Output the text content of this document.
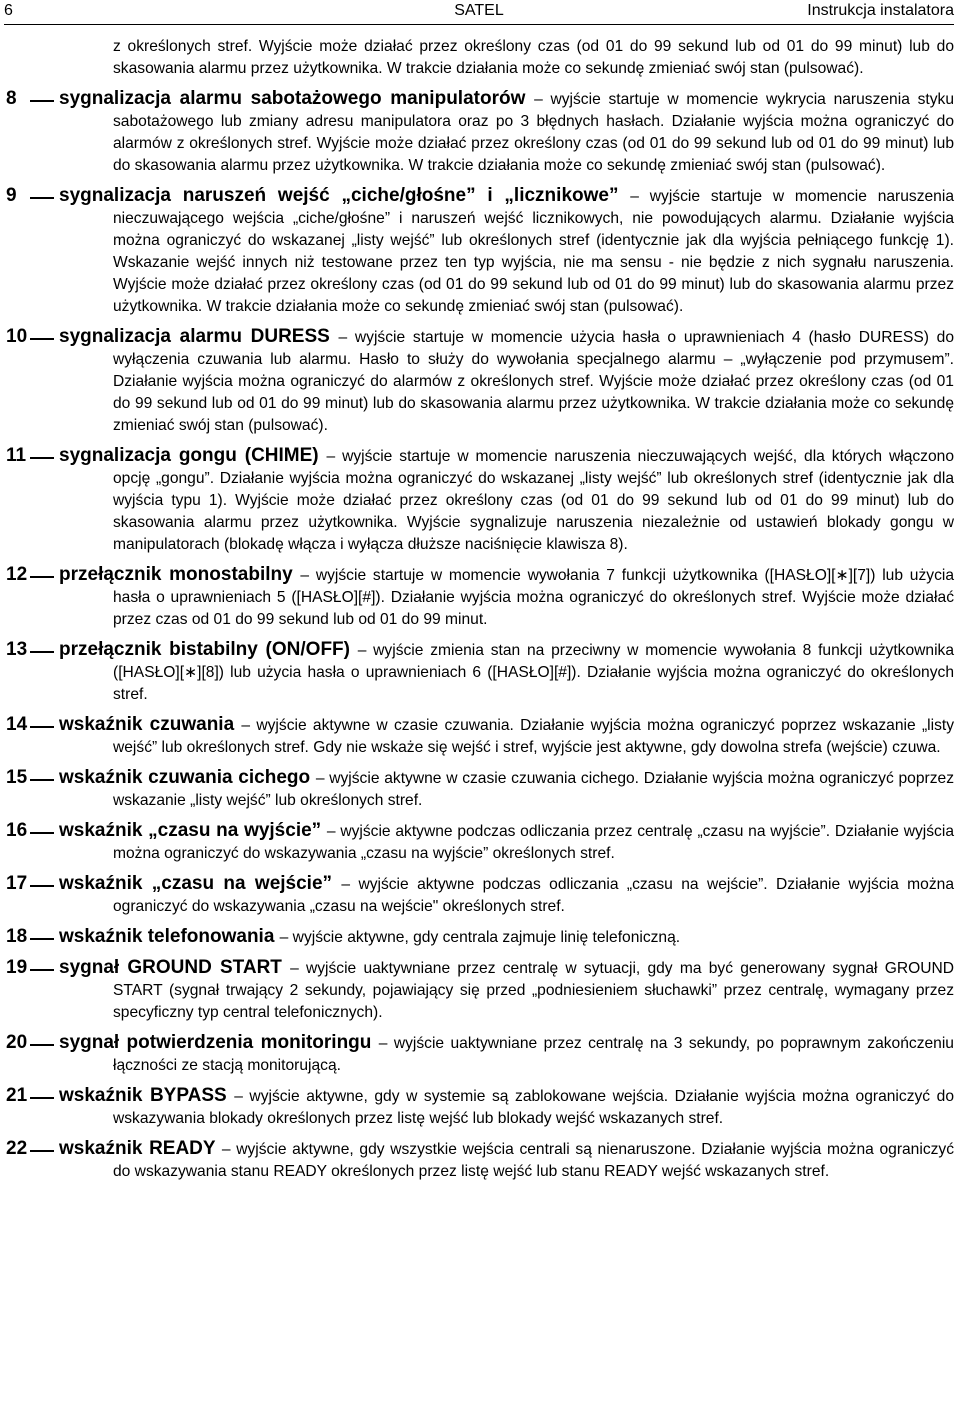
6	SATEL	Instrukcja instalatora

z określonych stref. Wyjście może działać przez określony czas (od 01 do 99 sekund lub od 01 do 99 minut) lub do skasowania alarmu przez użytkownika. W trakcie działania może co sekundę zmieniać swój stan (pulsować).

8	sygnalizacja alarmu sabotażowego manipulatorów – wyjście startuje w momencie wykrycia naruszenia styku sabotażowego lub zmiany adresu manipulatora oraz po 3 błędnych hasłach. Działanie wyjścia można ograniczyć do alarmów z określonych stref. Wyjście może działać przez określony czas (od 01 do 99 sekund lub od 01 do 99 minut) lub do skasowania alarmu przez użytkownika. W trakcie działania może co sekundę zmieniać swój stan (pulsować).
9	sygnalizacja naruszeń wejść „ciche/głośne” i „licznikowe” – wyjście startuje w momencie naruszenia nieczuwającego wejścia „ciche/głośne” i naruszeń wejść licznikowych, nie powodujących alarmu. Działanie wyjścia można ograniczyć do wskazanej „listy wejść” lub określonych stref (identycznie jak dla wyjścia pełniącego funkcję 1). Wskazanie wejść innych niż testowane przez ten typ wyjścia, nie ma sensu - nie będzie z nich sygnału naruszenia. Wyjście może działać przez określony czas (od 01 do 99 sekund lub od 01 do 99 minut) lub do skasowania alarmu przez użytkownika. W trakcie działania może co sekundę zmieniać swój stan (pulsować).
10	sygnalizacja alarmu DURESS – wyjście startuje w momencie użycia hasła o uprawnieniach 4 (hasło DURESS) do wyłączenia czuwania lub alarmu. Hasło to służy do wywołania specjalnego alarmu – „wyłączenie pod przymusem”. Działanie wyjścia można ograniczyć do alarmów z określonych stref. Wyjście może działać przez określony czas (od 01 do 99 sekund lub od 01 do 99 minut) lub do skasowania alarmu przez użytkownika. W trakcie działania może co sekundę zmieniać swój stan (pulsować).
11	sygnalizacja gongu (CHIME) – wyjście startuje w momencie naruszenia nieczuwających wejść, dla których włączono opcję „gongu”. Działanie wyjścia można ograniczyć do wskazanej „listy wejść” lub określonych stref (identycznie jak dla wyjścia typu 1). Wyjście może działać przez określony czas (od 01 do 99 sekund lub od 01 do 99 minut) lub do skasowania alarmu przez użytkownika. Wyjście sygnalizuje naruszenia niezależnie od ustawień blokady gongu w manipulatorach (blokadę włącza i wyłącza dłuższe naciśnięcie klawisza 8).
12	przełącznik monostabilny – wyjście startuje w momencie wywołania 7 funkcji użytkownika ([HASŁO][∗][7]) lub użycia hasła o uprawnieniach 5 ([HASŁO][#]). Działanie wyjścia można ograniczyć do określonych stref. Wyjście może działać przez czas od 01 do 99 sekund lub od 01 do 99 minut.
13	przełącznik bistabilny (ON/OFF) – wyjście zmienia stan na przeciwny w momencie wywołania 8 funkcji użytkownika ([HASŁO][∗][8]) lub użycia hasła o uprawnieniach 6 ([HASŁO][#]). Działanie wyjścia można ograniczyć do określonych stref.
14	wskaźnik czuwania – wyjście aktywne w czasie czuwania. Działanie wyjścia można ograniczyć poprzez wskazanie „listy wejść” lub określonych stref. Gdy nie wskaże się wejść i stref, wyjście jest aktywne, gdy dowolna strefa (wejście) czuwa.
15	wskaźnik czuwania cichego – wyjście aktywne w czasie czuwania cichego. Działanie wyjścia można ograniczyć poprzez wskazanie „listy wejść” lub określonych stref.
16	wskaźnik „czasu na wyjście” – wyjście aktywne podczas odliczania przez centralę „czasu na wyjście”. Działanie wyjścia można ograniczyć do wskazywania „czasu na wyjście” określonych stref.
17	wskaźnik „czasu na wejście” – wyjście aktywne podczas odliczania „czasu na wejście”. Działanie wyjścia można ograniczyć do wskazywania „czasu na wejście" określonych stref.
18	wskaźnik telefonowania – wyjście aktywne, gdy centrala zajmuje linię telefoniczną.
19	sygnał GROUND START – wyjście uaktywniane przez centralę w sytuacji, gdy ma być generowany sygnał GROUND START (sygnał trwający 2 sekundy, pojawiający się przed „podniesieniem słuchawki” przez centralę, wymagany przez specyficzny typ central telefonicznych).
20	sygnał potwierdzenia monitoringu – wyjście uaktywniane przez centralę na 3 sekundy, po poprawnym zakończeniu łączności ze stacją monitorującą.
21	wskaźnik BYPASS – wyjście aktywne, gdy w systemie są zablokowane wejścia. Działanie wyjścia można ograniczyć do wskazywania blokady określonych przez listę wejść lub blokady wejść wskazanych stref.
22	wskaźnik READY – wyjście aktywne, gdy wszystkie wejścia centrali są nienaruszone. Działanie wyjścia można ograniczyć do wskazywania stanu READY określonych przez listę wejść lub stanu READY wejść wskazanych stref.
